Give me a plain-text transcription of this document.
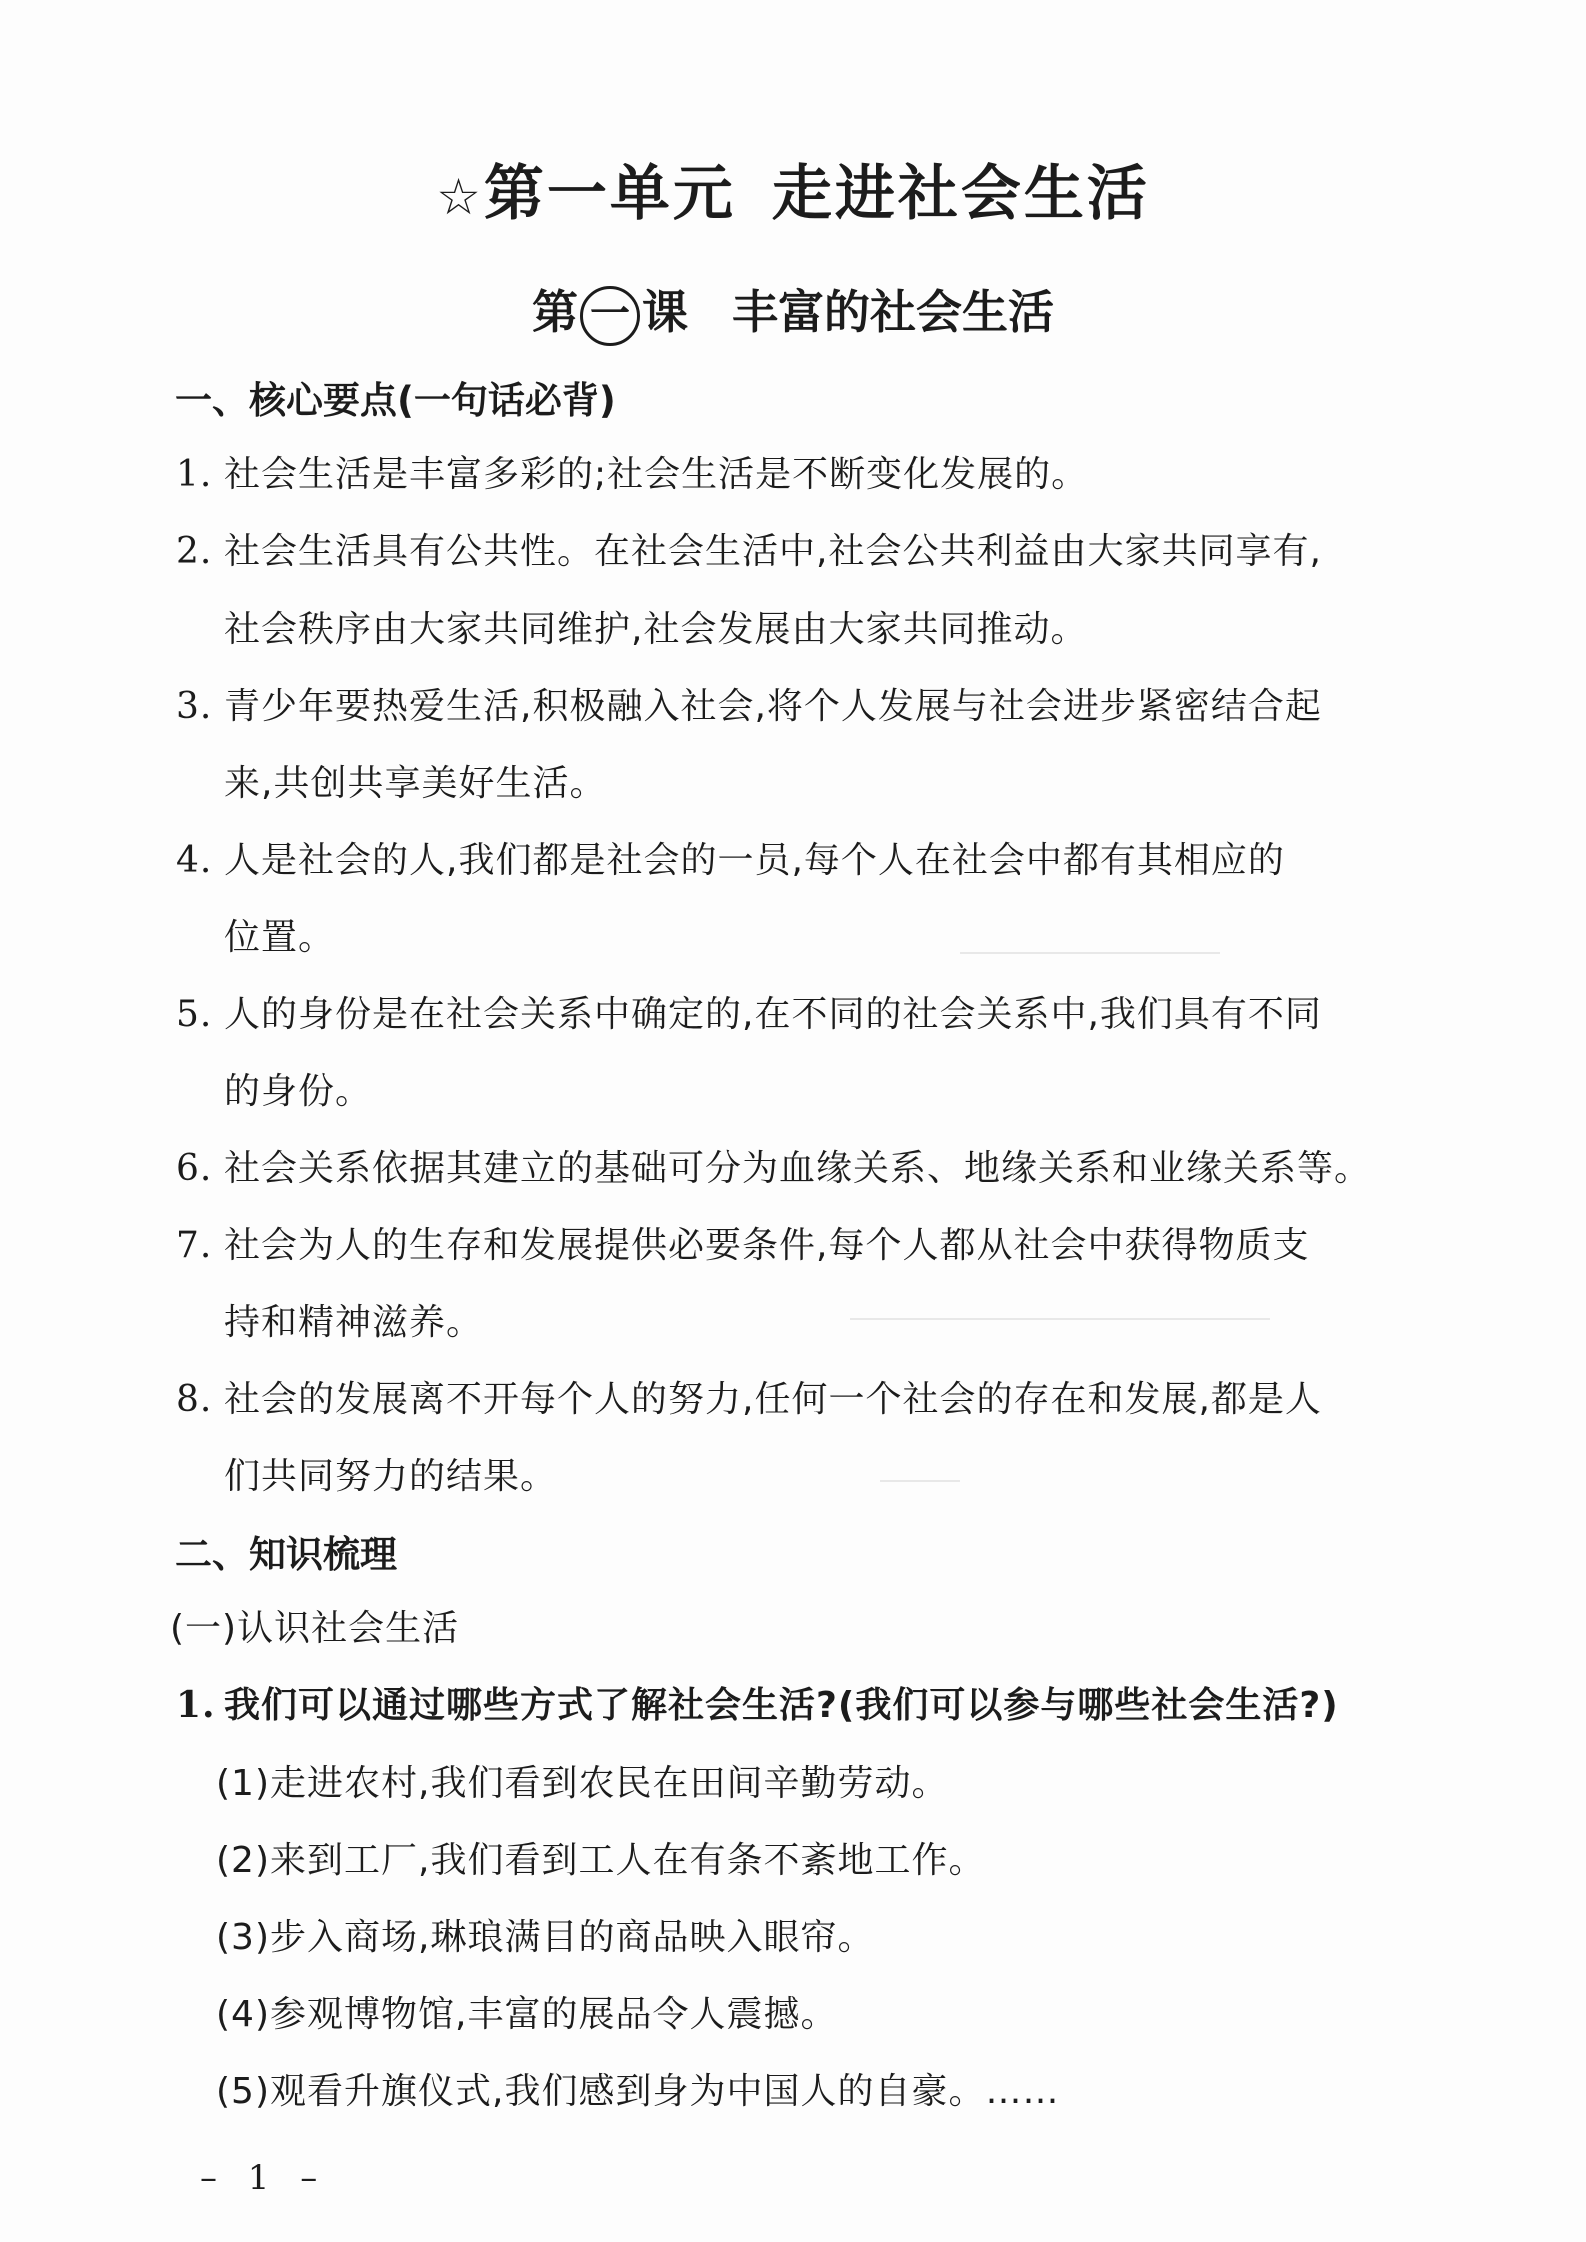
☆第一单元 走进社会生活
第 一 课 丰富的社会生活
一、核心要点(一句话必背)
1. 社会生活是丰富多彩的;社会生活是不断变化发展的。
2. 社会生活具有公共性。在社会生活中,社会公共利益由大家共同享有,
社会秩序由大家共同维护,社会发展由大家共同推动。
3. 青少年要热爱生活,积极融入社会,将个人发展与社会进步紧密结合起
来,共创共享美好生活。
4. 人是社会的人,我们都是社会的一员,每个人在社会中都有其相应的
位置。
5. 人的身份是在社会关系中确定的,在不同的社会关系中,我们具有不同
的身份。
6. 社会关系依据其建立的基础可分为血缘关系、地缘关系和业缘关系等。
7. 社会为人的生存和发展提供必要条件,每个人都从社会中获得物质支
持和精神滋养。
8. 社会的发展离不开每个人的努力,任何一个社会的存在和发展,都是人
们共同努力的结果。
二、知识梳理
(一)认识社会生活
1. 我们可以通过哪些方式了解社会生活?(我们可以参与哪些社会生活?)
(1)走进农村,我们看到农民在田间辛勤劳动。
(2)来到工厂,我们看到工人在有条不紊地工作。
(3)步入商场,琳琅满目的商品映入眼帘。
(4)参观博物馆,丰富的展品令人震撼。
(5)观看升旗仪式,我们感到身为中国人的自豪。……
– 1 –
